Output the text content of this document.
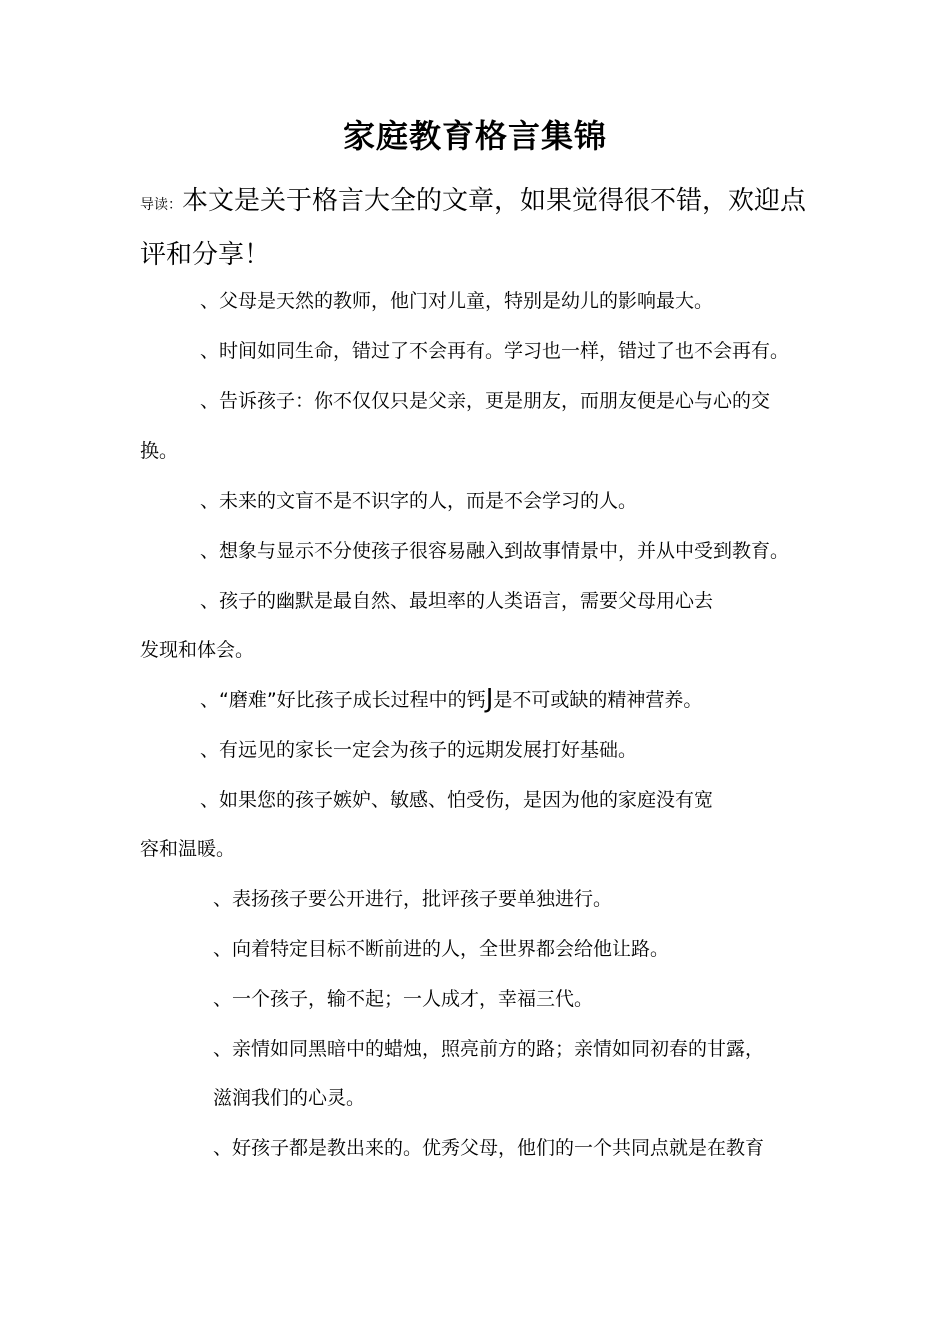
家庭教育格言集锦
导读：本文是关于格言大全的文章，如果觉得很不错，欢迎点评和分享！
、父母是天然的教师，他门对儿童，特别是幼儿的影响最大。
、时间如同生命，错过了不会再有。学习也一样，错过了也不会再有。
、告诉孩子：你不仅仅只是父亲，更是朋友，而朋友便是心与心的交
换。
、未来的文盲不是不识字的人，而是不会学习的人。
、想象与显示不分使孩子很容易融入到故事情景中，并从中受到教育。
、孩子的幽默是最自然、最坦率的人类语言，需要父母用心去
发现和体会。
、“磨难”好比孩子成长过程中的钙J是不可或缺的精神营养。
、有远见的家长一定会为孩子的远期发展打好基础。
、如果您的孩子嫉妒、敏感、怕受伤，是因为他的家庭没有宽
容和温暖。
、表扬孩子要公开进行，批评孩子要单独进行。
、向着特定目标不断前进的人，全世界都会给他让路。
、一个孩子，输不起；一人成才，幸福三代。
、亲情如同黑暗中的蜡烛，照亮前方的路；亲情如同初春的甘露，
滋润我们的心灵。
、好孩子都是教出来的。优秀父母，他们的一个共同点就是在教育
